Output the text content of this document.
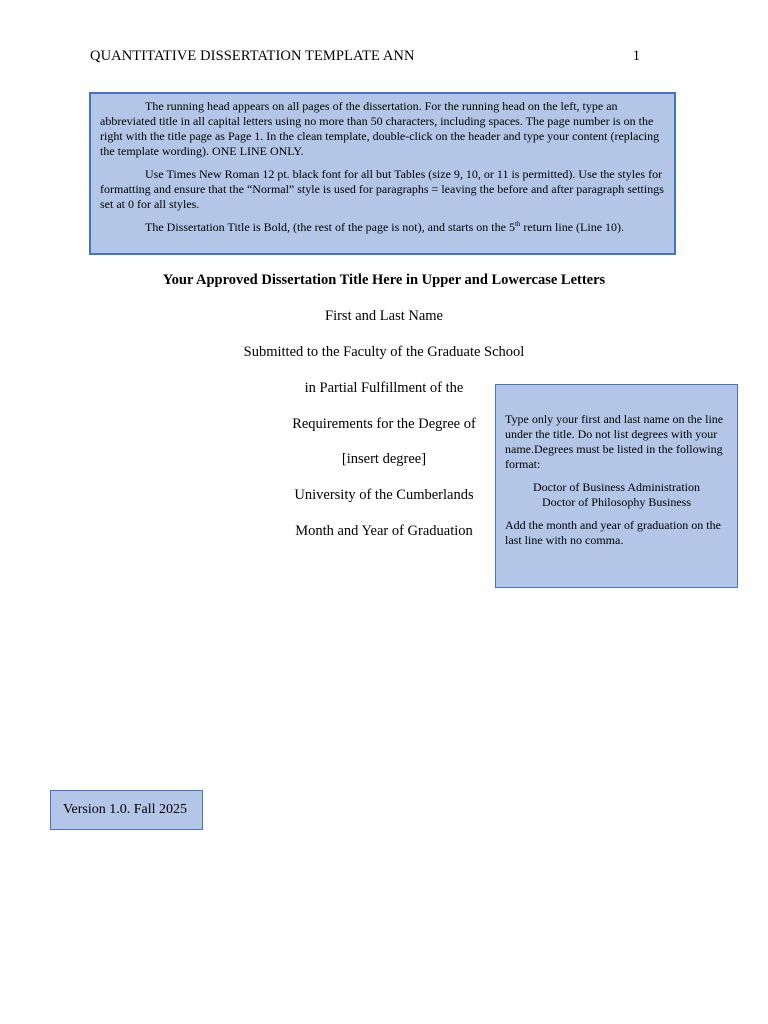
QUANTITATIVE DISSERTATION TEMPLATE ANN	1

The running head appears on all pages of the dissertation. For the running head on the left, type an abbreviated title in all capital letters using no more than 50 characters, including spaces. The page number is on the right with the title page as Page 1. In the clean template, double-click on the header and type your content (replacing the template wording). ONE LINE ONLY.

Use Times New Roman 12 pt. black font for all but Tables (size 9, 10, or 11 is permitted). Use the styles for formatting and ensure that the “Normal” style is used for paragraphs = leaving the before and after paragraph settings set at 0 for all styles.

The Dissertation Title is Bold, (the rest of the page is not), and starts on the 5th return line (Line 10).

Your Approved Dissertation Title Here in Upper and Lowercase Letters
First and Last Name
Submitted to the Faculty of the Graduate School
in Partial Fulfillment of the
Requirements for the Degree of
[insert degree]
University of the Cumberlands
Month and Year of Graduation

Type only your first and last name on the line under the title. Do not list degrees with your name.Degrees must be listed in the following format:

Doctor of Business Administration

Doctor of Philosophy Business

Add the month and year of graduation on the last line with no comma.

Version 1.0. Fall 2025
